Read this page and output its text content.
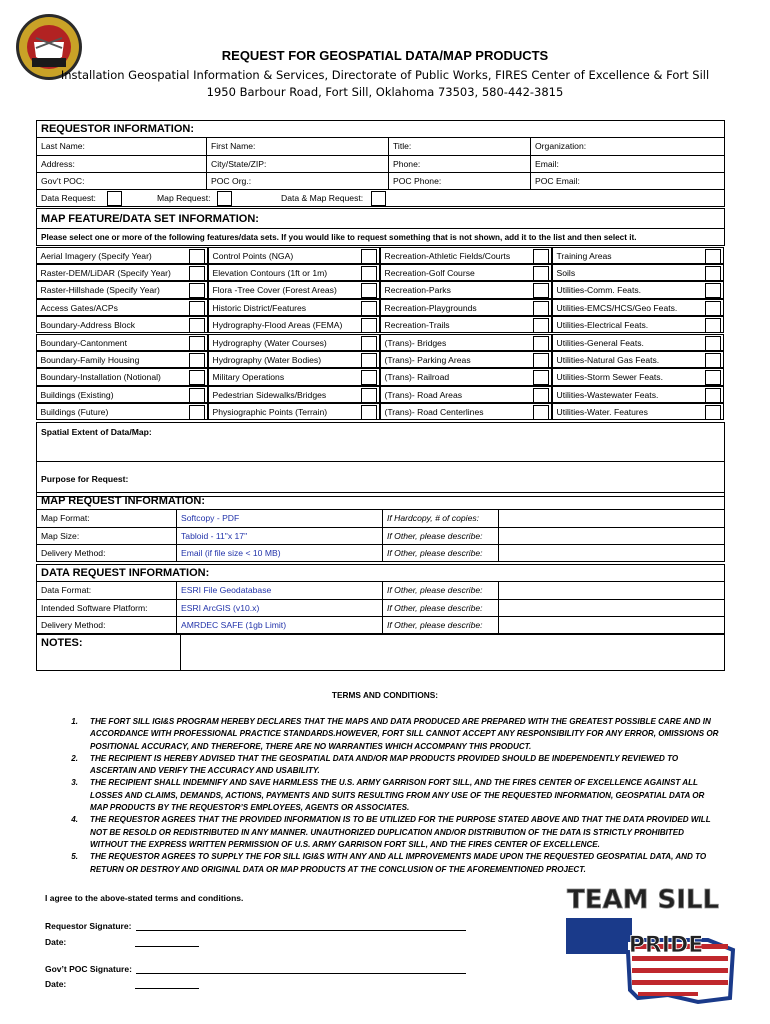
REQUEST FOR GEOSPATIAL DATA/MAP PRODUCTS
Installation Geospatial Information & Services, Directorate of Public Works, FIRES Center of Excellence & Fort Sill
1950 Barbour Road, Fort Sill, Oklahoma 73503, 580-442-3815
REQUESTOR INFORMATION:			
Last Name:	First Name:	Title:	Organization:
Address:	City/State/ZIP:	Phone:	Email:
Gov’t POC:	POC Org.:	POC Phone:	POC Email:

Data Request: Map Request: Data & Map Request:			
MAP FEATURE/DATA SET INFORMATION:
Please select one or more of the following features/data sets. If you would like to request something that is not shown, add it to the list and then select it.
Aerial Imagery (Specify Year)	Control Points (NGA)	Recreation-Athletic Fields/Courts	Training Areas
Raster-DEM/LiDAR (Specify Year)	Elevation Contours (1ft or 1m)	Recreation-Golf Course	Soils
Raster-Hillshade (Specify Year)	Flora -Tree Cover (Forest Areas)	Recreation-Parks	Utilities-Comm. Feats.
Access Gates/ACPs	Historic District/Features	Recreation-Playgrounds	Utilities-EMCS/HCS/Geo Feats.
Boundary-Address Block	Hydrography-Flood Areas (FEMA)	Recreation-Trails	Utilities-Electrical Feats.
Boundary-Cantonment	Hydrography (Water Courses)	(Trans)- Bridges	Utilities-General Feats.
Boundary-Family Housing	Hydrography (Water Bodies)	(Trans)- Parking Areas	Utilities-Natural Gas Feats.
Boundary-Installation (Notional)	Military Operations	(Trans)- Railroad	Utilities-Storm Sewer Feats.
Buildings (Existing)	Pedestrian Sidewalks/Bridges	(Trans)- Road Areas	Utilities-Wastewater Feats.
Buildings (Future)	Physiographic Points (Terrain)	(Trans)- Road Centerlines	Utilities-Water. Features
Spatial Extent of Data/Map:
Purpose for Request:
MAP REQUEST INFORMATION:			
Map Format:	Softcopy - PDF	If Hardcopy, # of copies:	
Map Size:	Tabloid - 11"x 17"	If Other, please describe:	
Delivery Method:	Email (if file size < 10 MB)	If Other, please describe:	
DATA REQUEST INFORMATION:			
Data Format:	ESRI File Geodatabase	If Other, please describe:	
Intended Software Platform:	ESRI ArcGIS (v10.x)	If Other, please describe:	
Delivery Method:	AMRDEC SAFE (1gb Limit)	If Other, please describe:	
NOTES:	
TERMS AND CONDITIONS:
1. THE FORT SILL IGI&S PROGRAM HEREBY DECLARES THAT THE MAPS AND DATA PRODUCED ARE PREPARED WITH THE GREATEST POSSIBLE CARE AND IN ACCORDANCE WITH PROFESSIONAL PRACTICE STANDARDS.HOWEVER, FORT SILL CANNOT ACCEPT ANY RESPONSIBILITY FOR ANY ERROR, OMISSIONS OR POSITIONAL ACCURACY, AND THEREFORE, THERE ARE NO WARRANTIES WHICH ACCOMPANY THIS PRODUCT.
2. THE RECIPIENT IS HEREBY ADVISED THAT THE GEOSPATIAL DATA AND/OR MAP PRODUCTS PROVIDED SHOULD BE INDEPENDENTLY REVIEWED TO ASCERTAIN AND VERIFY THE ACCURACY AND USABILITY.
3. THE RECIPIENT SHALL INDEMNIFY AND SAVE HARMLESS THE U.S. ARMY GARRISON FORT SILL, AND THE FIRES CENTER OF EXCELLENCE AGAINST ALL LOSSES AND CLAIMS, DEMANDS, ACTIONS, PAYMENTS AND SUITS RESULTING FROM ANY USE OF THE REQUESTED INFORMATION, GEOSPATIAL DATA OR MAP PRODUCTS BY THE REQUESTOR’S EMPLOYEES, AGENTS OR ASSOCIATES.
4. THE REQUESTOR AGREES THAT THE PROVIDED INFORMATION IS TO BE UTILIZED FOR THE PURPOSE STATED ABOVE AND THAT THE DATA PROVIDED WILL NOT BE RESOLD OR REDISTRIBUTED IN ANY MANNER. UNAUTHORIZED DUPLICATION AND/OR DISTRIBUTION OF THE DATA IS STRICTLY PROHIBITED WITHOUT THE EXPRESS WRITTEN PERMISSION OF U.S. ARMY GARRISON FORT SILL, AND THE FIRES CENTER OF EXCELLENCE.
5. THE REQUESTOR AGREES TO SUPPLY THE FOR SILL IGI&S WITH ANY AND ALL IMPROVEMENTS MADE UPON THE REQUESTED GEOSPATIAL DATA, AND TO RETURN OR DESTROY AND ORIGINAL DATA OR MAP PRODUCTS AT THE CONCLUSION OF THE AFOREMENTIONED PROJECT.
I agree to the above-stated terms and conditions.
Requestor Signature:
Date:
Gov’t POC Signature:
Date:
TEAM SILL
PRIDE
